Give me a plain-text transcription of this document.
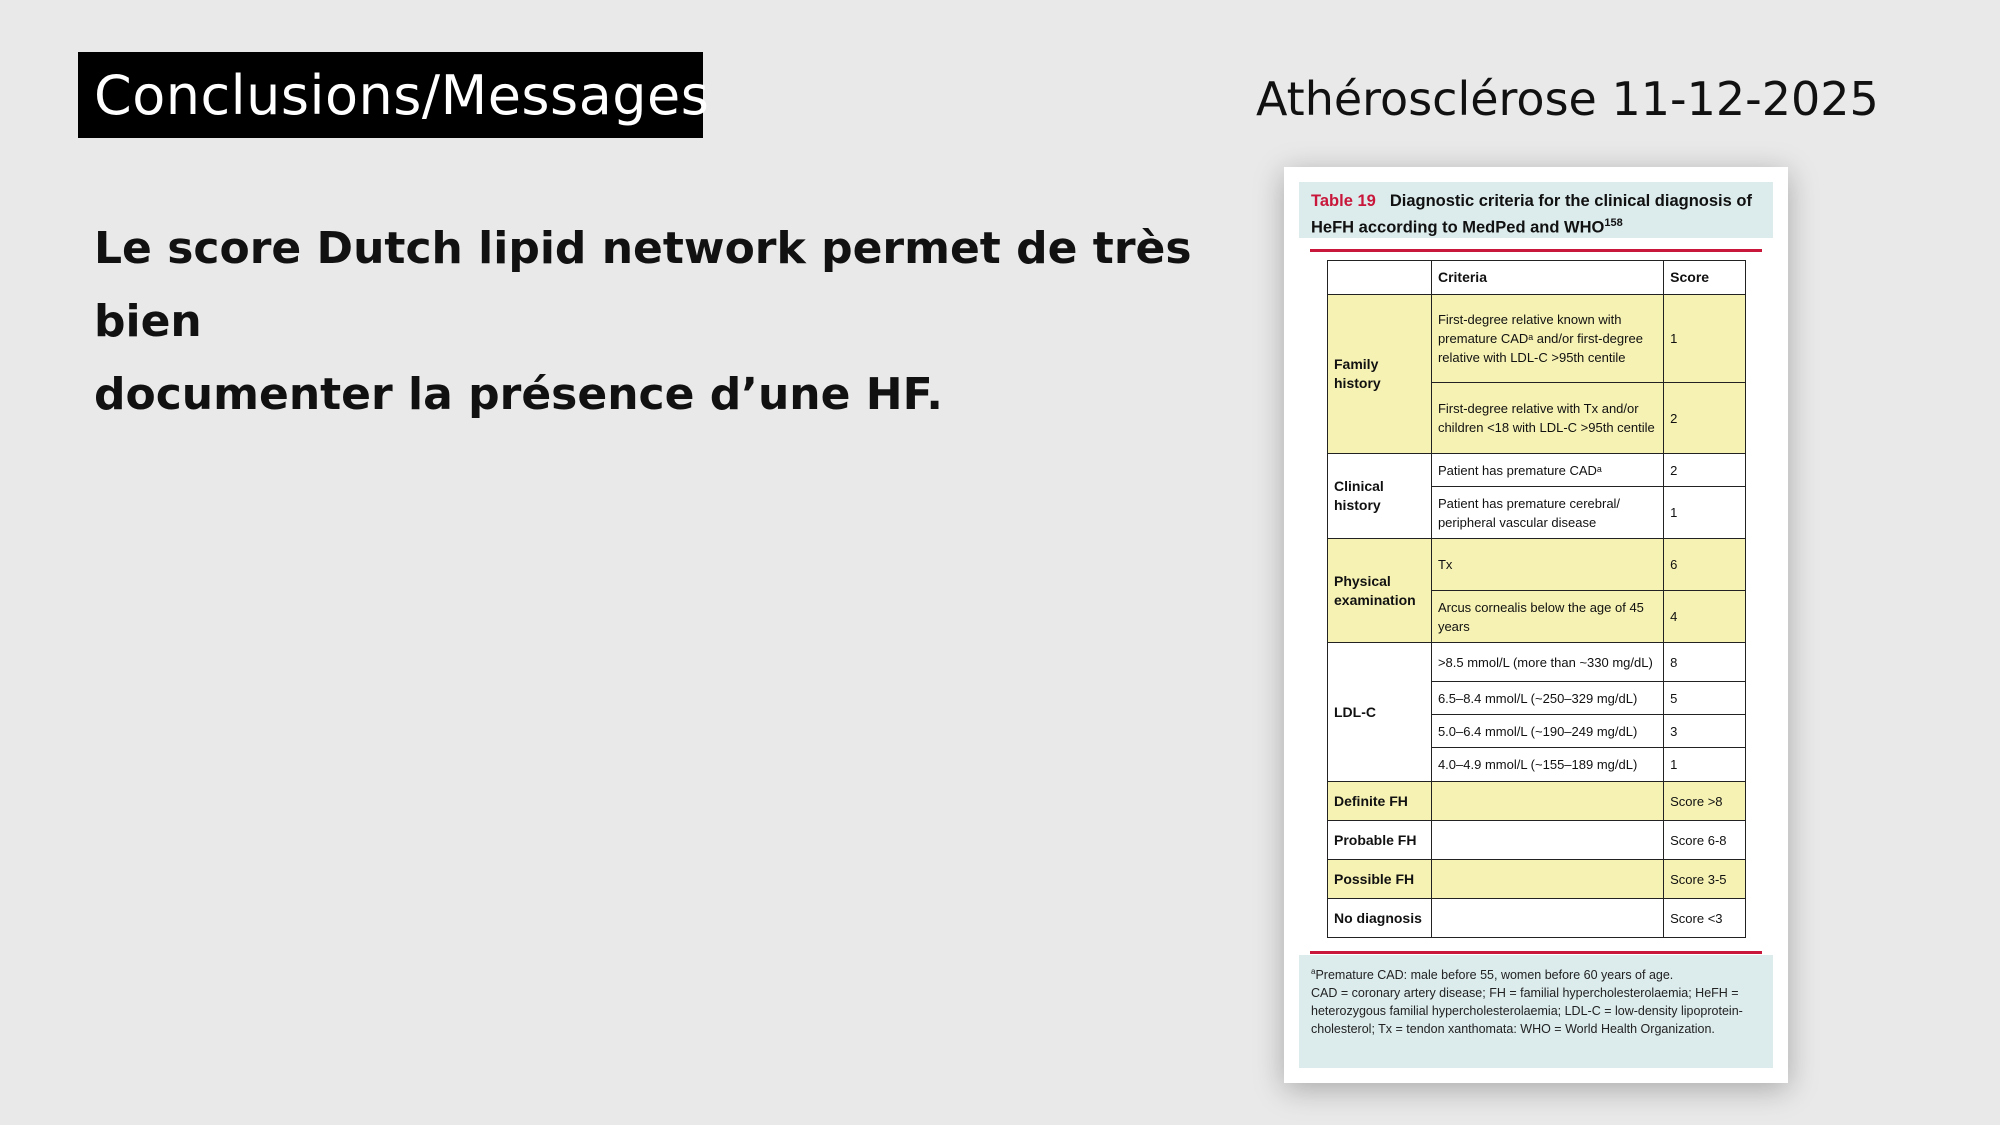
Conclusions/Messages	Athérosclérose 11-12-2025
Le score Dutch lipid network permet de très bien
documenter la présence d’une HF.
Table 19 Diagnostic criteria for the clinical diagnosis of HeFH according to MedPed and WHO$^{158}$
	Criteria	Score
Family history	First-degree relative known with premature CADᵃ and/or first-degree relative with LDL-C >95th centile	1
	First-degree relative with Tx and/or children <18 with LDL-C >95th centile	2
Clinical history	Patient has premature CADᵃ	2
	Patient has premature cerebral/ peripheral vascular disease	1
Physical examination	Tx	6
	Arcus cornealis below the age of 45 years	4
LDL-C	>8.5 mmol/L (more than ~330 mg/dL)	8
	6.5–8.4 mmol/L (~250–329 mg/dL)	5
	5.0–6.4 mmol/L (~190–249 mg/dL)	3
	4.0–4.9 mmol/L (~155–189 mg/dL)	1
Definite FH		Score >8
Probable FH		Score 6-8
Possible FH		Score 3-5
No diagnosis		Score <3
$^a$Premature CAD: male before 55, women before 60 years of age.
CAD = coronary artery disease; FH = familial hypercholesterolaemia; HeFH = heterozygous familial hypercholesterolaemia; LDL-C = low-density lipoprotein-cholesterol; Tx = tendon xanthomata: WHO = World Health Organization.
